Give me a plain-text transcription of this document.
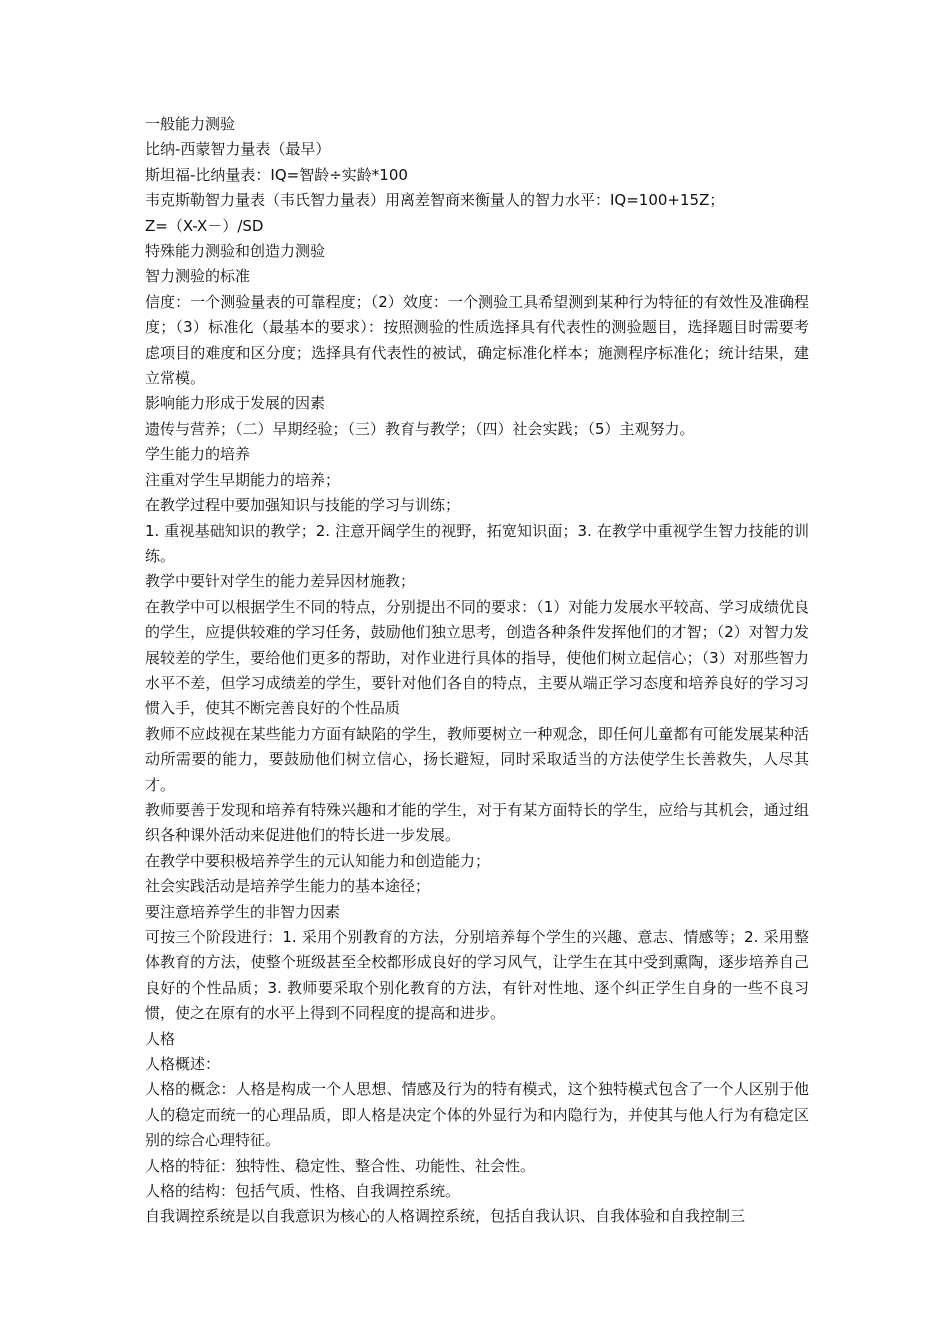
一般能力测验

比纳-西蒙智力量表（最早）

斯坦福-比纳量表：IQ=智龄÷实龄*100

韦克斯勒智力量表（韦氏智力量表）用离差智商来衡量人的智力水平：IQ=100+15Z；

Z=（X-X－）/SD

特殊能力测验和创造力测验

智力测验的标准

信度：一个测验量表的可靠程度；（2）效度：一个测验工具希望测到某种行为特征的有效性及准确程度；（3）标准化（最基本的要求）：按照测验的性质选择具有代表性的测验题目，选择题目时需要考虑项目的难度和区分度；选择具有代表性的被试，确定标准化样本；施测程序标准化；统计结果，建立常模。

影响能力形成于发展的因素

遗传与营养；（二）早期经验；（三）教育与教学；（四）社会实践；（5）主观努力。

学生能力的培养

注重对学生早期能力的培养；

在教学过程中要加强知识与技能的学习与训练；

1. 重视基础知识的教学；2. 注意开阔学生的视野，拓宽知识面；3. 在教学中重视学生智力技能的训练。

教学中要针对学生的能力差异因材施教；

在教学中可以根据学生不同的特点，分别提出不同的要求：（1）对能力发展水平较高、学习成绩优良的学生，应提供较难的学习任务，鼓励他们独立思考，创造各种条件发挥他们的才智；（2）对智力发展较差的学生，要给他们更多的帮助，对作业进行具体的指导，使他们树立起信心；（3）对那些智力水平不差，但学习成绩差的学生，要针对他们各自的特点，主要从端正学习态度和培养良好的学习习惯入手，使其不断完善良好的个性品质

教师不应歧视在某些能力方面有缺陷的学生，教师要树立一种观念，即任何儿童都有可能发展某种活动所需要的能力，要鼓励他们树立信心，扬长避短，同时采取适当的方法使学生长善救失，人尽其才。

教师要善于发现和培养有特殊兴趣和才能的学生，对于有某方面特长的学生，应给与其机会，通过组织各种课外活动来促进他们的特长进一步发展。

在教学中要积极培养学生的元认知能力和创造能力；

社会实践活动是培养学生能力的基本途径；

要注意培养学生的非智力因素

可按三个阶段进行：1. 采用个别教育的方法，分别培养每个学生的兴趣、意志、情感等；2. 采用整体教育的方法，使整个班级甚至全校都形成良好的学习风气，让学生在其中受到熏陶，逐步培养自己良好的个性品质；3. 教师要采取个别化教育的方法，有针对性地、逐个纠正学生自身的一些不良习惯，使之在原有的水平上得到不同程度的提高和进步。

人格

人格概述：

人格的概念：人格是构成一个人思想、情感及行为的特有模式，这个独特模式包含了一个人区别于他人的稳定而统一的心理品质，即人格是决定个体的外显行为和内隐行为，并使其与他人行为有稳定区别的综合心理特征。

人格的特征：独特性、稳定性、整合性、功能性、社会性。

人格的结构：包括气质、性格、自我调控系统。

自我调控系统是以自我意识为核心的人格调控系统，包括自我认识、自我体验和自我控制三
